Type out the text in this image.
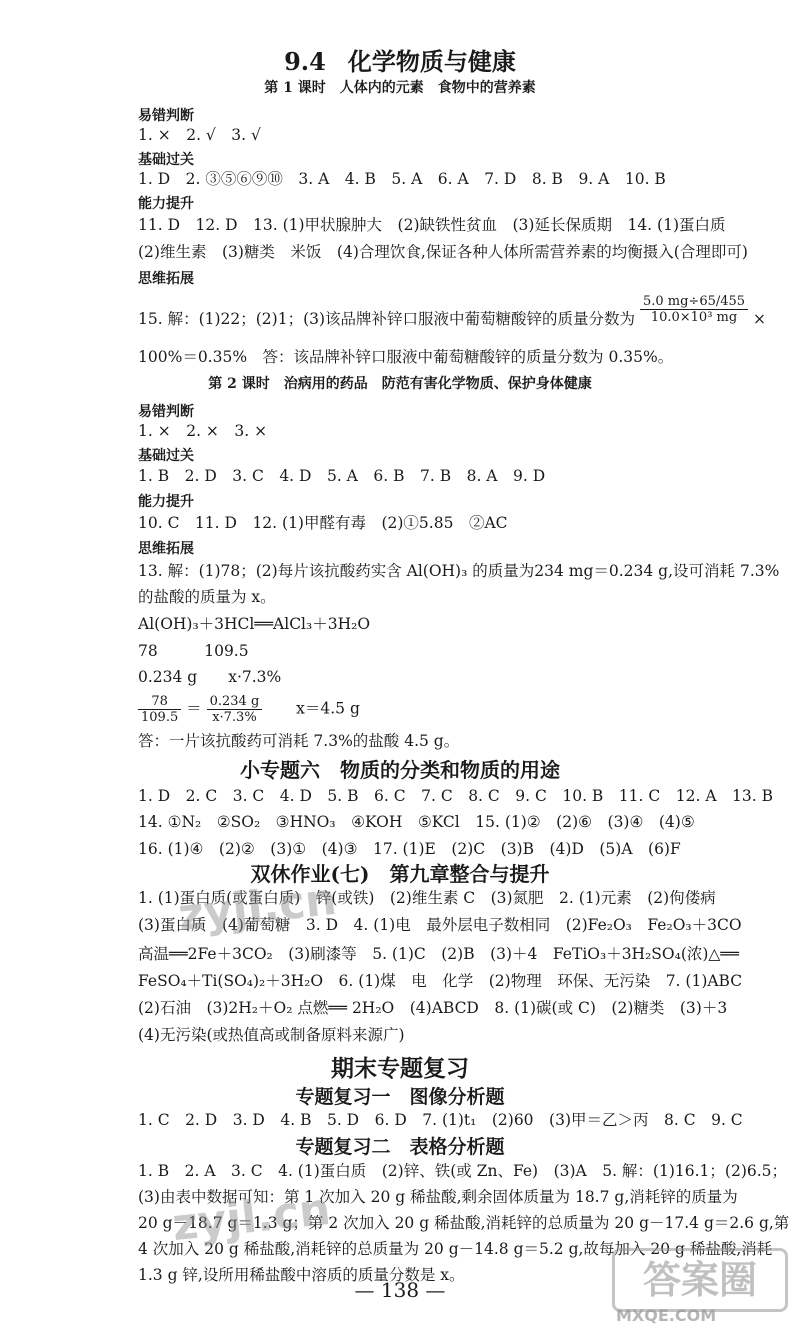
9.4 化学物质与健康
第 1 课时　人体内的元素　食物中的营养素
易错判断
1. ×　2. √　3. √
基础过关
1. D　2. ③⑤⑥⑨⑩　3. A　4. B　5. A　6. A　7. D　8. B　9. A　10. B
能力提升
11. D　12. D　13. (1)甲状腺肿大　(2)缺铁性贫血　(3)延长保质期　14. (1)蛋白质
(2)维生素　(3)糖类　米饭　(4)合理饮食,保证各种人体所需营养素的均衡摄入(合理即可)
思维拓展
15. 解：(1)22；(2)1；(3)该品牌补锌口服液中葡萄糖酸锌的质量分数为 $\frac{5.0 mg\div 65/455}{\text{10.0×10³ mg}}$ ×
100%＝0.35%　答：该品牌补锌口服液中葡萄糖酸锌的质量分数为 0.35%。
第 2 课时　治病用的药品　防范有害化学物质、保护身体健康
易错判断
1. ×　2. ×　3. ×
基础过关
1. B　2. D　3. C　4. D　5. A　6. B　7. B　8. A　9. D
能力提升
10. C　11. D　12. (1)甲醛有毒　(2)①5.85　②AC
思维拓展
13. 解：(1)78；(2)每片该抗酸药实含 Al(OH)₃ 的质量为234 mg＝0.234 g,设可消耗 7.3%
的盐酸的质量为 x。
Al(OH)₃＋3HCl══AlCl₃＋3H₂O
78　　　109.5
0.234 g　　x·7.3%
$\frac{78}{109.5} = \frac{0.234 g}{x\cdot 7.3\%} x=4.5$ g
答：一片该抗酸药可消耗 7.3%的盐酸 4.5 g。
小专题六　物质的分类和物质的用途
1. D　2. C　3. C　4. D　5. B　6. C　7. C　8. C　9. C　10. B　11. C　12. A　13. B
14. ①N₂　②SO₂　③HNO₃　④KOH　⑤KCl　15. (1)②　(2)⑥　(3)④　(4)⑤
16. (1)④　(2)②　(3)①　(4)③　17. (1)E　(2)C　(3)B　(4)D　(5)A　(6)F
双休作业(七)　第九章整合与提升
1. (1)蛋白质(或蛋白质)　锌(或铁)　(2)维生素 C　(3)氮肥　2. (1)元素　(2)佝偻病
(3)蛋白质　(4)葡萄糖　3. D　4. (1)电　最外层电子数相同　(2)Fe₂O₃　Fe₂O₃＋3CO
高温══2Fe＋3CO₂　(3)刷漆等　5. (1)C　(2)B　(3)＋4　FeTiO₃＋3H₂SO₄(浓)△══
FeSO₄＋Ti(SO₄)₂＋3H₂O　6. (1)煤　电　化学　(2)物理　环保、无污染　7. (1)ABC
(2)石油　(3)2H₂＋O₂ 点燃══ 2H₂O　(4)ABCD　8. (1)碳(或 C)　(2)糖类　(3)＋3
(4)无污染(或热值高或制备原料来源广)
期末专题复习
专题复习一　图像分析题
1. C　2. D　3. D　4. B　5. D　6. D　7. (1)t₁　(2)60　(3)甲＝乙＞丙　8. C　9. C
专题复习二　表格分析题
1. B　2. A　3. C　4. (1)蛋白质　(2)锌、铁(或 Zn、Fe)　(3)A　5. 解：(1)16.1；(2)6.5；
(3)由表中数据可知：第 1 次加入 20 g 稀盐酸,剩余固体质量为 18.7 g,消耗锌的质量为
20 g－18.7 g＝1.3 g；第 2 次加入 20 g 稀盐酸,消耗锌的总质量为 20 g－17.4 g＝2.6 g,第
4 次加入 20 g 稀盐酸,消耗锌的总质量为 20 g－14.8 g＝5.2 g,故每加入 20 g 稀盐酸,消耗
1.3 g 锌,设所用稀盐酸中溶质的质量分数是 x。
— 138 —
zyjl.cn
zyjl.cn
答案圈
MXQE.COM
